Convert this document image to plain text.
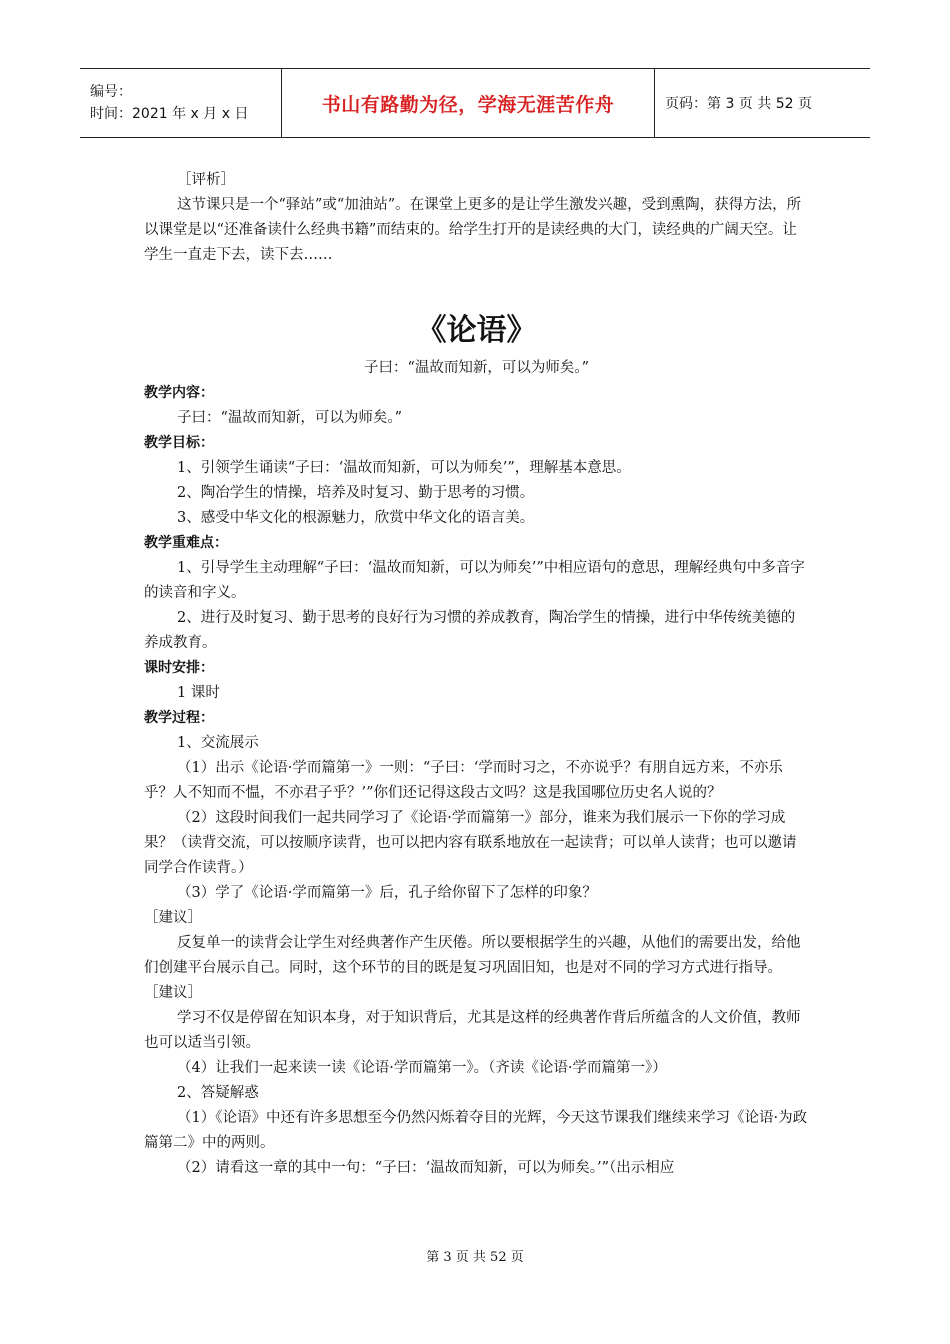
编号：
时间：2021 年 x 月 x 日	书山有路勤为径，学海无涯苦作舟	页码：第 3 页 共 52 页

［评析］

这节课只是一个“驿站”或“加油站”。在课堂上更多的是让学生激发兴趣，受到熏陶，获得方法，所以课堂是以“还准备读什么经典书籍”而结束的。给学生打开的是读经典的大门，读经典的广阔天空。让学生一直走下去，读下去……

《论语》

子曰：“温故而知新，可以为师矣。”

教学内容：

子曰：“温故而知新，可以为师矣。”

教学目标：

1、引领学生诵读“子曰：‘温故而知新，可以为师矣’”，理解基本意思。

2、陶冶学生的情操，培养及时复习、勤于思考的习惯。

3、感受中华文化的根源魅力，欣赏中华文化的语言美。

教学重难点：

1、引导学生主动理解“子曰：‘温故而知新，可以为师矣’”中相应语句的意思，理解经典句中多音字的读音和字义。

2、进行及时复习、勤于思考的良好行为习惯的养成教育，陶冶学生的情操，进行中华传统美德的养成教育。

课时安排：

1 课时

教学过程：

1、交流展示

（1）出示《论语·学而篇第一》一则：“子曰：‘学而时习之，不亦说乎？有朋自远方来，不亦乐乎？人不知而不愠，不亦君子乎？’”你们还记得这段古文吗？这是我国哪位历史名人说的？

（2）这段时间我们一起共同学习了《论语·学而篇第一》部分，谁来为我们展示一下你的学习成果？（读背交流，可以按顺序读背，也可以把内容有联系地放在一起读背；可以单人读背；也可以邀请同学合作读背。）

（3）学了《论语·学而篇第一》后，孔子给你留下了怎样的印象？

［建议］

反复单一的读背会让学生对经典著作产生厌倦。所以要根据学生的兴趣，从他们的需要出发，给他们创建平台展示自己。同时，这个环节的目的既是复习巩固旧知，也是对不同的学习方式进行指导。

［建议］

学习不仅是停留在知识本身，对于知识背后，尤其是这样的经典著作背后所蕴含的人文价值，教师也可以适当引领。

（4）让我们一起来读一读《论语·学而篇第一》。（齐读《论语·学而篇第一》）

2、答疑解惑

（1）《论语》中还有许多思想至今仍然闪烁着夺目的光辉，今天这节课我们继续来学习《论语·为政篇第二》中的两则。

（2）请看这一章的其中一句：“子曰：‘温故而知新，可以为师矣。’”（出示相应

第 3 页 共 52 页
